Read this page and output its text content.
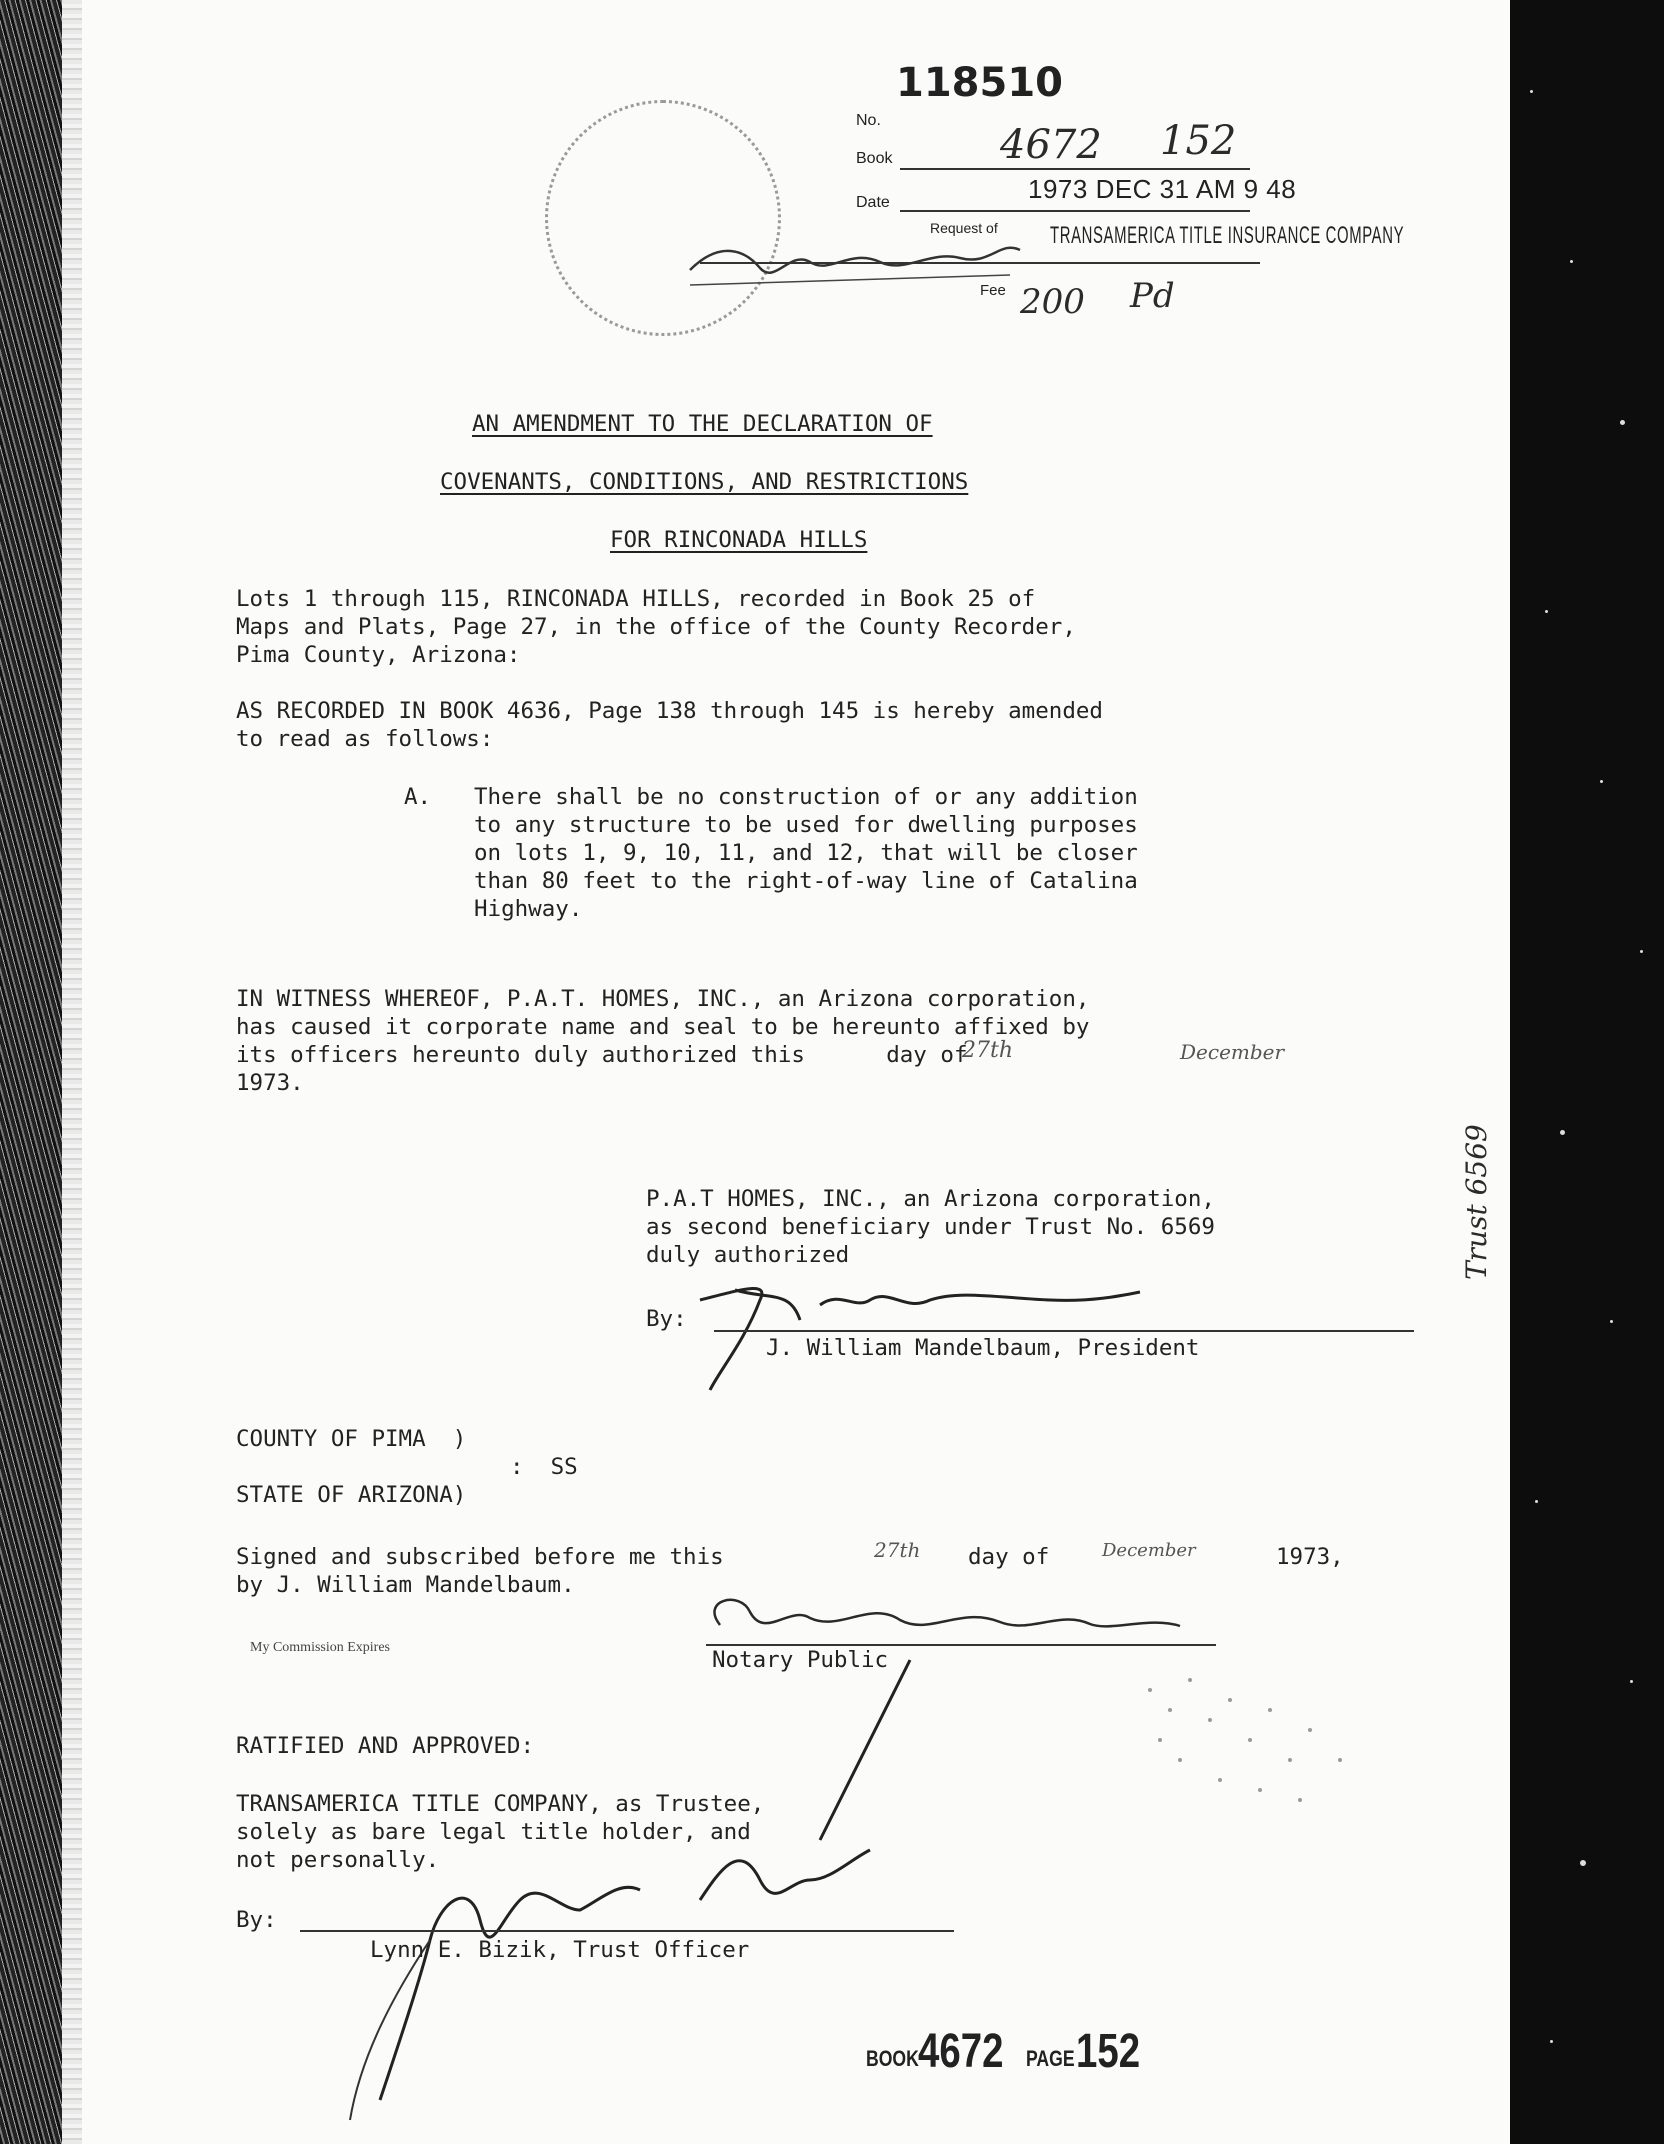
118510
No.
Book
Date
4672 152
1973 DEC 31 AM 9 48
Request of TRANSAMERICA TITLE INSURANCE COMPANY
Fee 200 Pd
AN AMENDMENT TO THE DECLARATION OF
COVENANTS, CONDITIONS, AND RESTRICTIONS
FOR RINCONADA HILLS
Lots 1 through 115, RINCONADA HILLS, recorded in Book 25 of
Maps and Plats, Page 27, in the office of the County Recorder,
Pima County, Arizona:
AS RECORDED IN BOOK 4636, Page 138 through 145 is hereby amended
to read as follows:
A. There shall be no construction of or any addition
to any structure to be used for dwelling purposes
on lots 1, 9, 10, 11, and 12, that will be closer
than 80 feet to the right-of-way line of Catalina
Highway.
IN WITNESS WHEREOF, P.A.T. HOMES, INC., an Arizona corporation,
has caused it corporate name and seal to be hereunto affixed by
its officers hereunto duly authorized this      day of
27th	December
1973.
P.A.T HOMES, INC., an Arizona corporation,
as second beneficiary under Trust No. 6569
duly authorized
By:
J. William Mandelbaum, President
Trust 6569
COUNTY OF PIMA  )
:  SS
STATE OF ARIZONA)
Signed and subscribed before me this	27th day of	December	1973,
by J. William Mandelbaum.
My Commission Expires	Notary Public
RATIFIED AND APPROVED:
TRANSAMERICA TITLE COMPANY, as Trustee,
solely as bare legal title holder, and
not personally.
By:
Lynn E. Bizik, Trust Officer
BOOK 4672 PAGE 152
